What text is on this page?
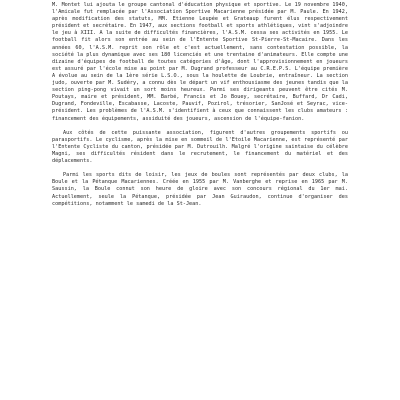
M. Montet lui ajouta le groupe cantonal d'éducation physique et sportive. Le 19 novembre 1940, l'Amicale fut remplacée par l'Association Sportive Macarienne présidée par M. Paule. En 1942, après modification des statuts, MM. Etienne Leupée et Grateaup furent élus respectivement président et secrétaire. En 1947, aux sections football et sports athlétiques, vint s'adjoindre le jeu à XIII. A la suite de difficultés financières, l'A.S.M. cessa ses activités en 1955. Le football fit alors son entrée au sein de l'Entente Sportive St-Pierre-St-Macaire. Dans les années 60, l'A.S.M. reprit son rôle et c'est actuellement, sans contestation possible, la société la plus dynamique avec ses 180 licenciés et une trentaine d'animateurs. Elle compte une dizaine d'équipes de football de toutes catégories d'âge, dont l'approvisionnement en joueurs est assuré par l'école mise au point par M. Dugrand professeur au C.R.E.P.S. L'équipe première A évolue au sein de la 1ère série L.S.O., sous la houlette de Loubrie, entraîneur. La section judo, ouverte par M. Sudéry, a connu dès le départ un vif enthousiasme des jeunes tandis que la section ping-pong vivait un sort moins heureux. Parmi ses dirigeants peuvent être cités M. Poutays, maire et président, MM. Barbé, Francis et Jo Bouey, secrétaire, Buffard, Dr Cadi, Dugrand, Fondeville, Escabasse, Lacoste, Pauvif, Pozirol, trésorier, SanJosé et Seyrac, vice-président. Les problèmes de l'A.S.M. s'identifient à ceux que connaissent les clubs amateurs : financement des équipements, assiduité des joueurs, ascension de l'équipe-fanion.

Aux côtés de cette puissante association, figurent d'autres groupements sportifs ou parasportifs. Le cyclisme, après la mise en sommeil de l'Etoile Macarienne, est représenté par l'Entente Cycliste du canton, présidée par M. Dutrouilh. Malgré l'origine saintaise du célèbre Magni, ses difficultés résident dans le recrutement, le financement du matériel et des déplacements.

Parmi les sports dits de loisir, les jeux de boules sont représentés par deux clubs, la Boule et la Pétanque Macariennes. Créée en 1955 par M. Vanberghe et reprise en 1965 par M. Saussin, la Boule connut son heure de gloire avec son concours régional du 1er mai. Actuellement, seule la Pétanque, présidée par Jean Guiraudon, continue d'organiser des compétitions, notamment le samedi de la St-Jean.
